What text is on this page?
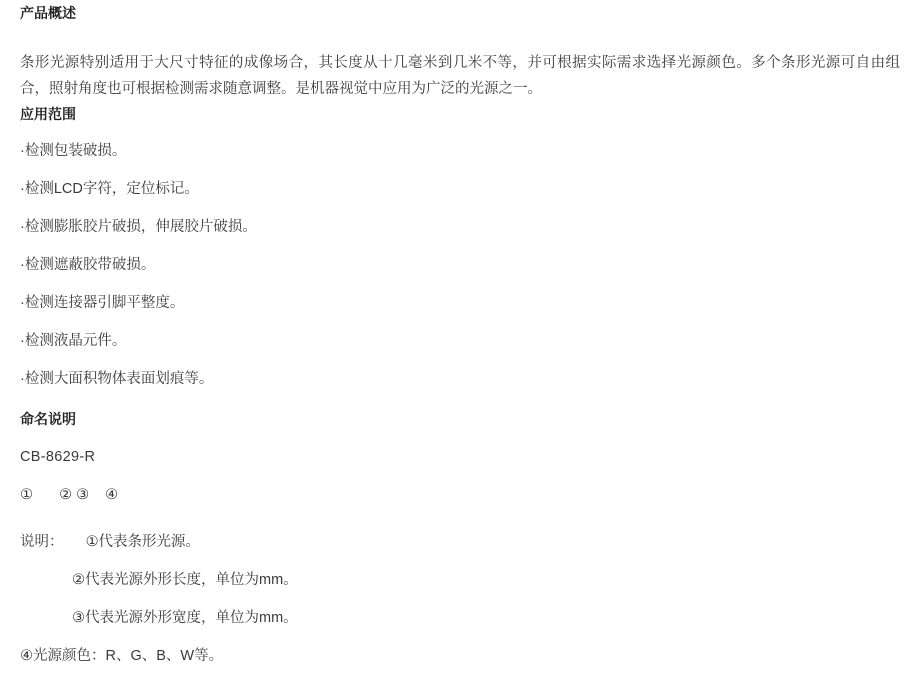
产品概述

条形光源特别适用于大尺寸特征的成像场合，其长度从十几毫米到几米不等，并可根据实际需求选择光源颜色。多个条形光源可自由组合，照射角度也可根据检测需求随意调整。是机器视觉中应用为广泛的光源之一。

应用范围
·检测包装破损。
·检测LCD字符，定位标记。
·检测膨胀胶片破损，伸展胶片破损。
·检测遮蔽胶带破损。
·检测连接器引脚平整度。
·检测液晶元件。
·检测大面积物体表面划痕等。
命名说明
CB-8629-R
① ② ③ ④
说明： ①代表条形光源。
②代表光源外形长度，单位为mm。
③代表光源外形宽度，单位为mm。
④光源颜色：R、G、B、W等。
